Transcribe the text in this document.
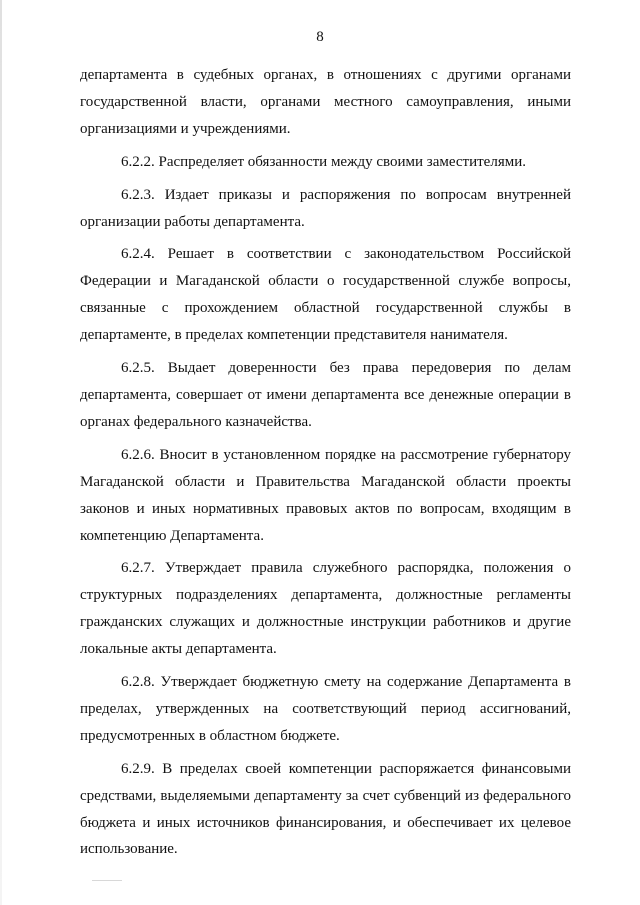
8

департамента в судебных органах, в отношениях с другими органами государственной власти, органами местного самоуправления, иными организациями и учреждениями.

6.2.2. Распределяет обязанности между своими заместителями.

6.2.3. Издает приказы и распоряжения по вопросам внутренней организации работы департамента.

6.2.4. Решает в соответствии с законодательством Российской Федерации и Магаданской области о государственной службе вопросы, связанные с прохождением областной государственной службы в департаменте, в пределах компетенции представителя нанимателя.

6.2.5. Выдает доверенности без права передоверия по делам департамента, совершает от имени департамента все денежные операции в органах федерального казначейства.

6.2.6. Вносит в установленном порядке на рассмотрение губернатору Магаданской области и Правительства Магаданской области проекты законов и иных нормативных правовых актов по вопросам, входящим в компетенцию Департамента.

6.2.7. Утверждает правила служебного распорядка, положения о структурных подразделениях департамента, должностные регламенты гражданских служащих и должностные инструкции работников и другие локальные акты департамента.

6.2.8. Утверждает бюджетную смету на содержание Департамента в пределах, утвержденных на соответствующий период ассигнований, предусмотренных в областном бюджете.

6.2.9. В пределах своей компетенции распоряжается финансовыми средствами, выделяемыми департаменту за счет субвенций из федерального бюджета и иных источников финансирования, и обеспечивает их целевое использование.
